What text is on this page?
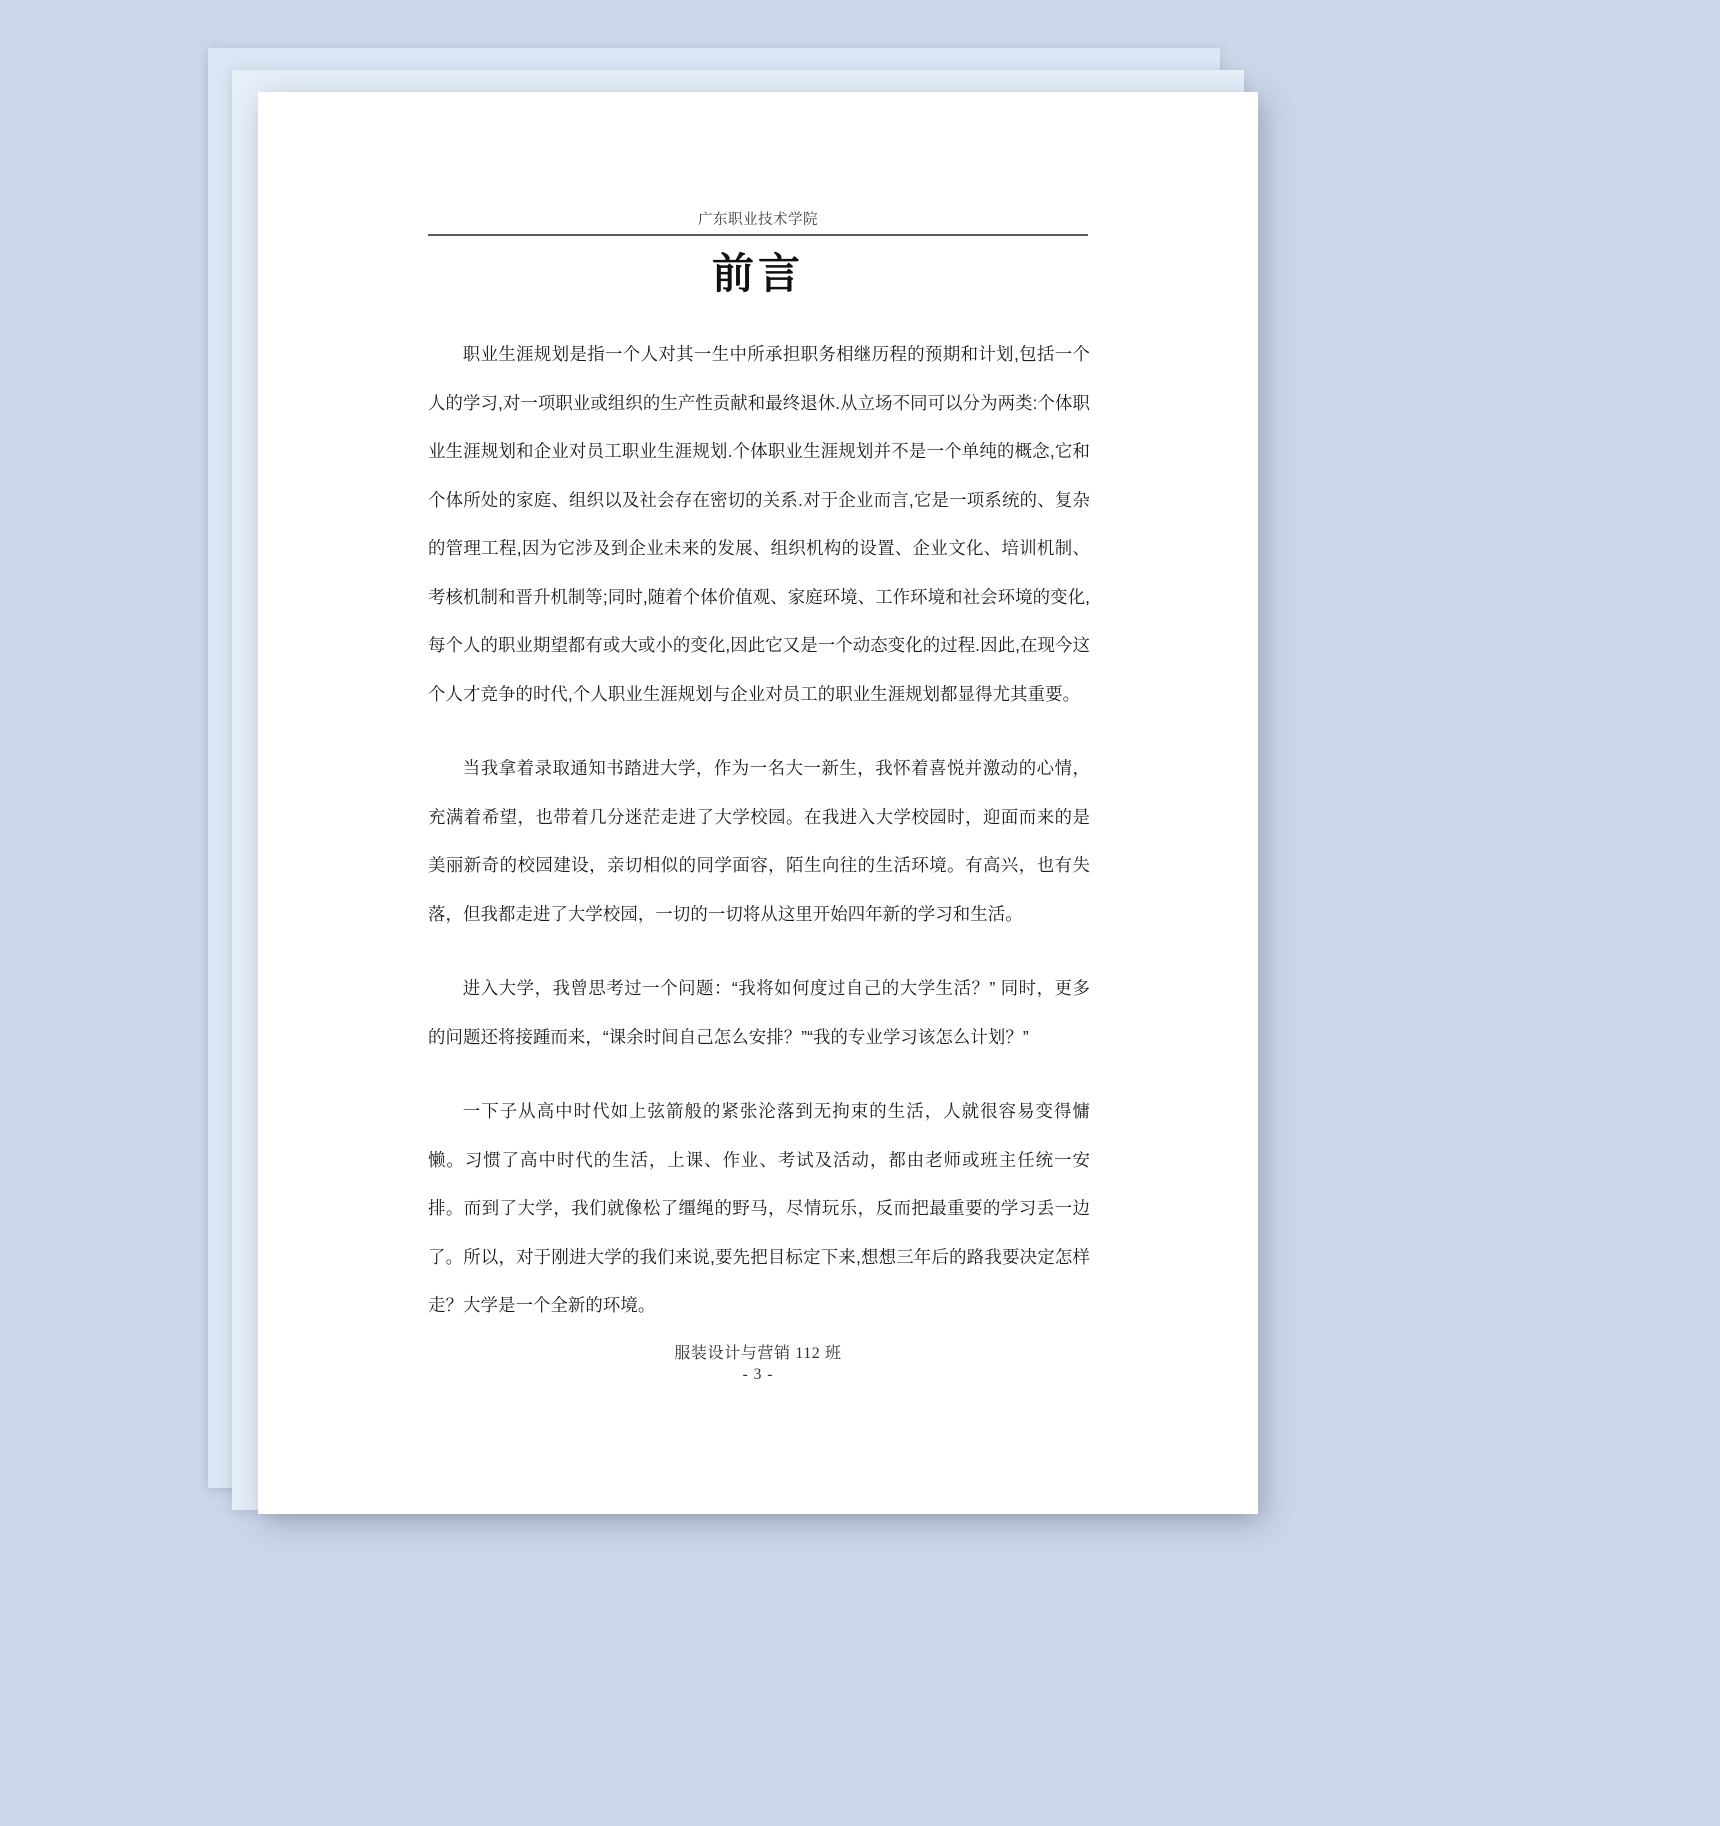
广东职业技术学院
前言

职业生涯规划是指一个人对其一生中所承担职务相继历程的预期和计划,包括一个人的学习,对一项职业或组织的生产性贡献和最终退休.从立场不同可以分为两类:个体职业生涯规划和企业对员工职业生涯规划.个体职业生涯规划并不是一个单纯的概念,它和个体所处的家庭、组织以及社会存在密切的关系.对于企业而言,它是一项系统的、复杂的管理工程,因为它涉及到企业未来的发展、组织机构的设置、企业文化、培训机制、考核机制和晋升机制等;同时,随着个体价值观、家庭环境、工作环境和社会环境的变化,每个人的职业期望都有或大或小的变化,因此它又是一个动态变化的过程.因此,在现今这个人才竞争的时代,个人职业生涯规划与企业对员工的职业生涯规划都显得尤其重要。

当我拿着录取通知书踏进大学，作为一名大一新生，我怀着喜悦并激动的心情，充满着希望，也带着几分迷茫走进了大学校园。在我进入大学校园时，迎面而来的是美丽新奇的校园建设，亲切相似的同学面容，陌生向往的生活环境。有高兴，也有失落，但我都走进了大学校园，一切的一切将从这里开始四年新的学习和生活。

进入大学，我曾思考过一个问题：“我将如何度过自己的大学生活？” 同时，更多的问题还将接踵而来，“课余时间自己怎么安排？”“我的专业学习该怎么计划？”

一下子从高中时代如上弦箭般的紧张沦落到无拘束的生活，人就很容易变得慵懒。习惯了高中时代的生活，上课、作业、考试及活动，都由老师或班主任统一安排。而到了大学，我们就像松了缰绳的野马，尽情玩乐，反而把最重要的学习丢一边了。所以，对于刚进大学的我们来说,要先把目标定下来,想想三年后的路我要决定怎样走？大学是一个全新的环境。

服装设计与营销 112 班
- 3 -
